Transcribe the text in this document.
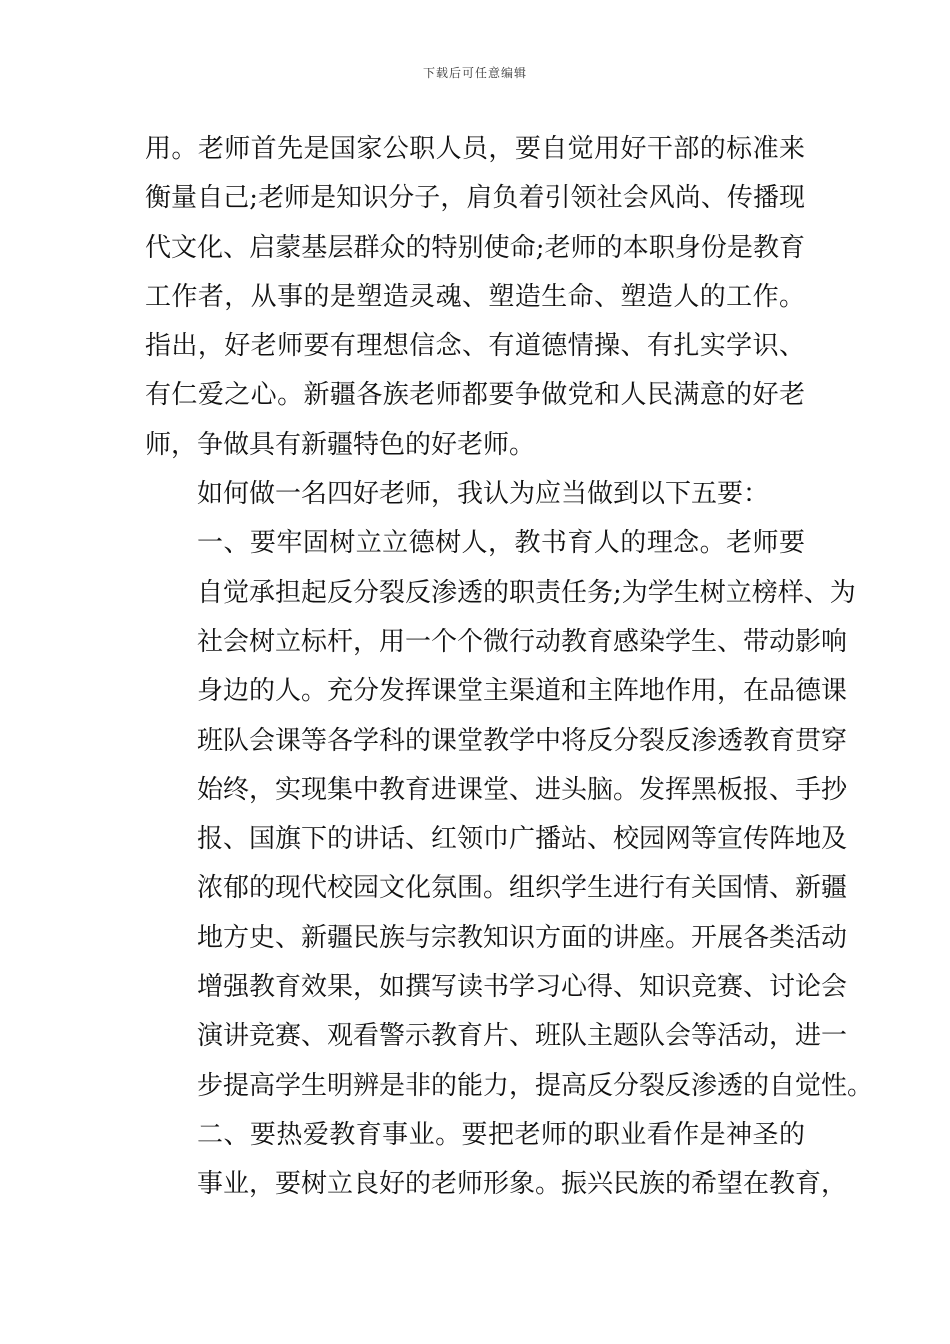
下载后可任意编辑

用。老师首先是国家公职人员，要自觉用好干部的标准来
衡量自己;老师是知识分子，肩负着引领社会风尚、传播现
代文化、启蒙基层群众的特别使命;老师的本职身份是教育
工作者，从事的是塑造灵魂、塑造生命、塑造人的工作。
指出，好老师要有理想信念、有道德情操、有扎实学识、
有仁爱之心。新疆各族老师都要争做党和人民满意的好老
师，争做具有新疆特色的好老师。

如何做一名四好老师，我认为应当做到以下五要：

一、要牢固树立立德树人，教书育人的理念。老师要
自觉承担起反分裂反渗透的职责任务;为学生树立榜样、为
社会树立标杆，用一个个微行动教育感染学生、带动影响
身边的人。充分发挥课堂主渠道和主阵地作用，在品德课
班队会课等各学科的课堂教学中将反分裂反渗透教育贯穿
始终，实现集中教育进课堂、进头脑。发挥黑板报、手抄
报、国旗下的讲话、红领巾广播站、校园网等宣传阵地及
浓郁的现代校园文化氛围。组织学生进行有关国情、新疆
地方史、新疆民族与宗教知识方面的讲座。开展各类活动
增强教育效果，如撰写读书学习心得、知识竞赛、讨论会
演讲竞赛、观看警示教育片、班队主题队会等活动，进一
步提高学生明辨是非的能力，提高反分裂反渗透的自觉性。

二、要热爱教育事业。要把老师的职业看作是神圣的
事业，要树立良好的老师形象。振兴民族的希望在教育，
